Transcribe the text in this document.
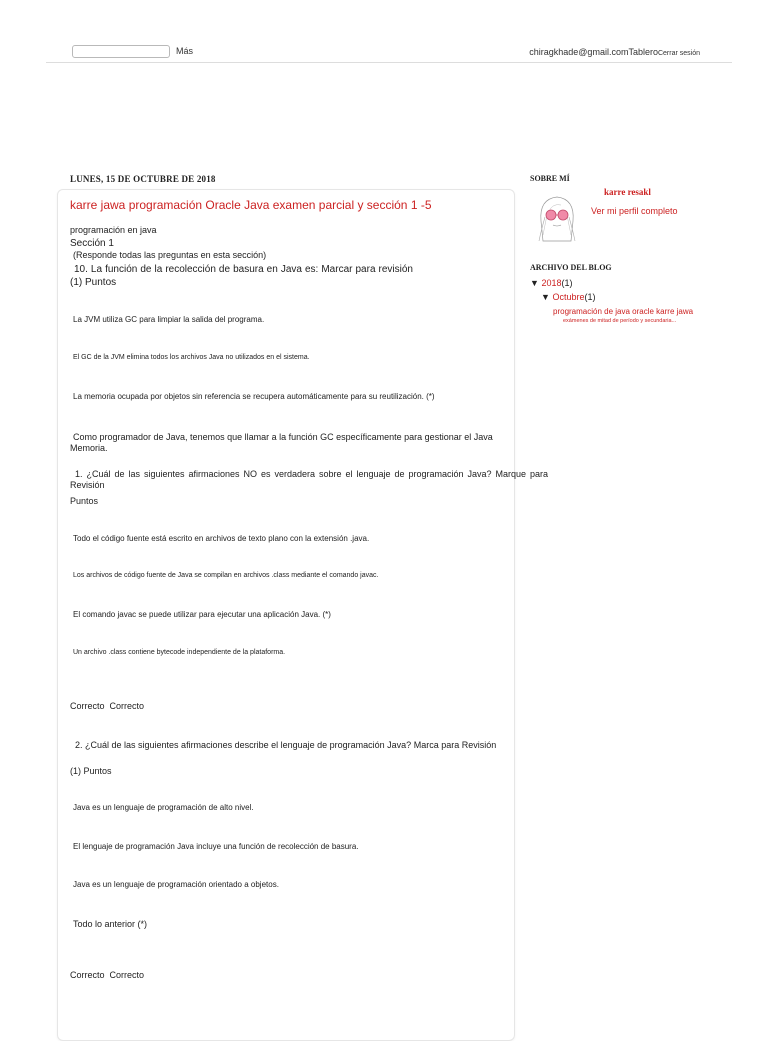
Más	chiragkhade@gmail.comTableroCerrar sesión
LUNES, 15 DE OCTUBRE DE 2018
karre jawa programación Oracle Java examen parcial y sección 1 -5
programación en java
Sección 1
(Responde todas las preguntas en esta sección)
10. La función de la recolección de basura en Java es: Marcar para revisión
(1) Puntos
La JVM utiliza GC para limpiar la salida del programa.
El GC de la JVM elimina todos los archivos Java no utilizados en el sistema.
La memoria ocupada por objetos sin referencia se recupera automáticamente para su reutilización. (*)
Como programador de Java, tenemos que llamar a la función GC específicamente para gestionar el Java Memoria.
1. ¿Cuál de las siguientes afirmaciones NO es verdadera sobre el lenguaje de programación Java? Marque para Revisión
Puntos
Todo el código fuente está escrito en archivos de texto plano con la extensión .java.
Los archivos de código fuente de Java se compilan en archivos .class mediante el comando javac.
El comando javac se puede utilizar para ejecutar una aplicación Java. (*)
Un archivo .class contiene bytecode independiente de la plataforma.
Correcto  Correcto
2. ¿Cuál de las siguientes afirmaciones describe el lenguaje de programación Java? Marca para Revisión
(1) Puntos
Java es un lenguaje de programación de alto nivel.
El lenguaje de programación Java incluye una función de recolección de basura.
Java es un lenguaje de programación orientado a objetos.
Todo lo anterior (*)
Correcto  Correcto
SOBRE MÍ
karre resakl
Ver mi perfil completo
ARCHIVO DEL BLOG
▼ 2018(1)
▼ Octubre(1)
programación de java oracle karre jawa
exámenes de mitad de período y secundaria...
